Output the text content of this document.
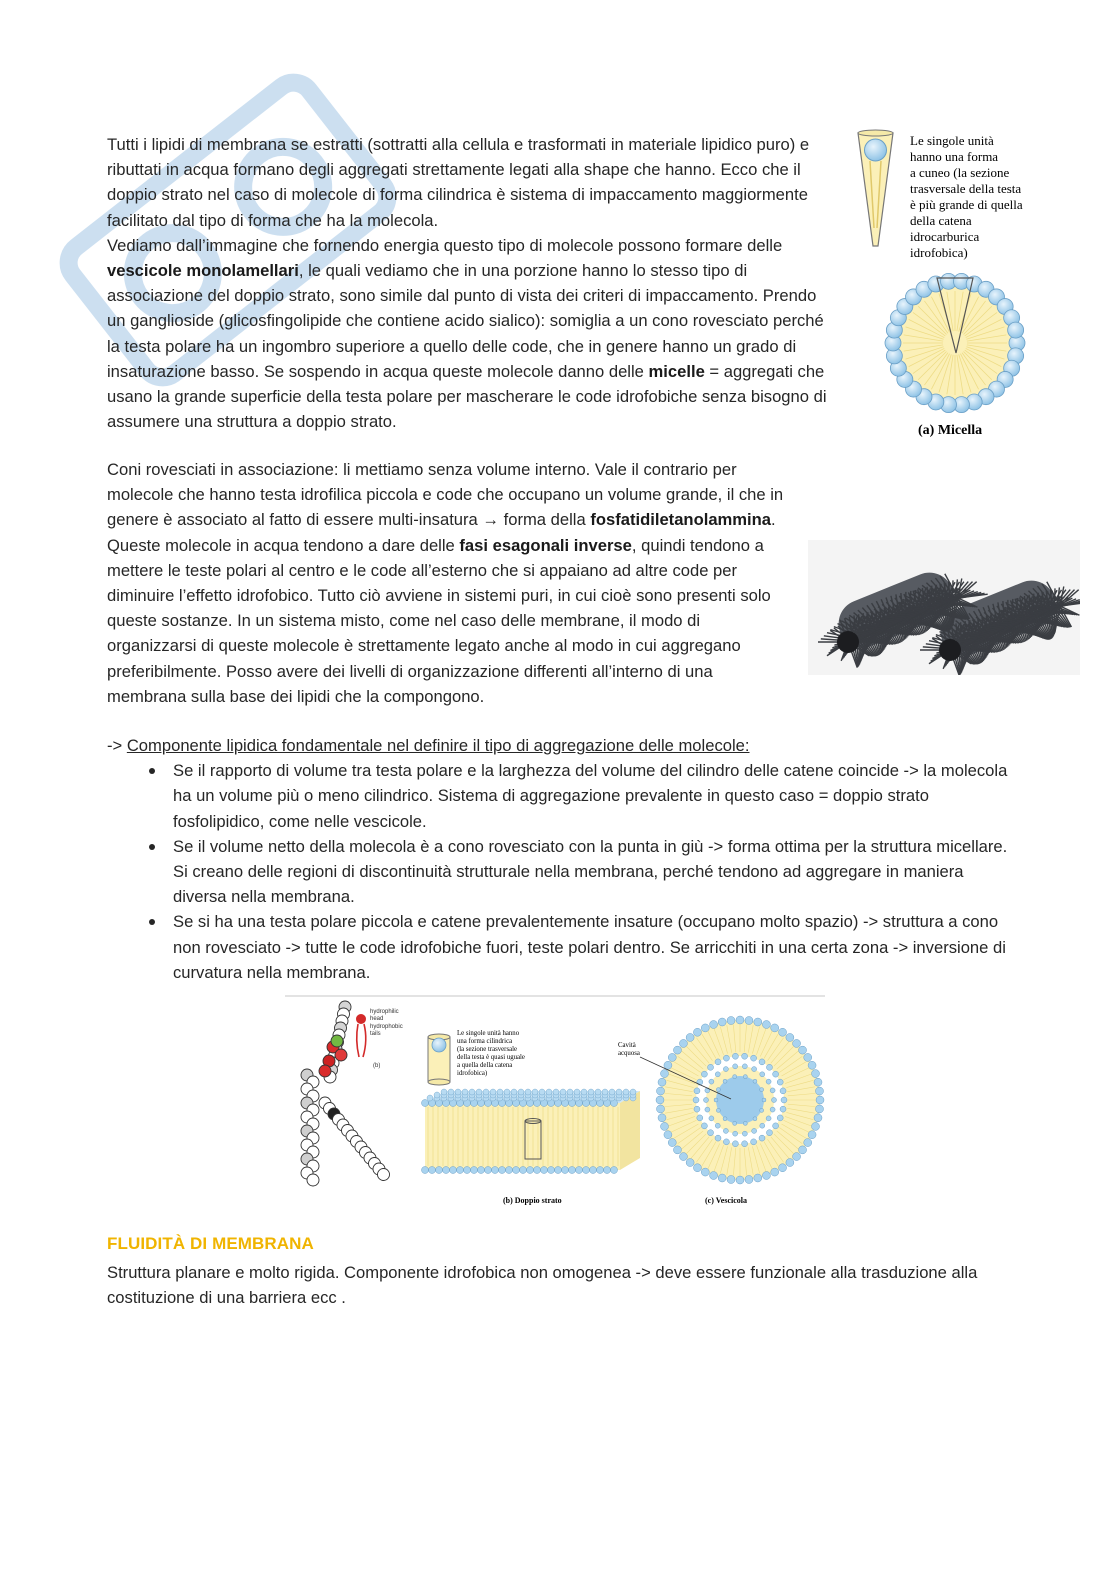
Tutti i lipidi di membrana se estratti (sottratti alla cellula e trasformati in materiale lipidico puro) e ributtati in acqua formano degli aggregati strettamente legati alla shape che hanno. Ecco che il doppio strato nel caso di molecole di forma cilindrica è sistema di impaccamento maggiormente facilitato dal tipo di forma che ha la molecola.

Vediamo dall’immagine che fornendo energia questo tipo di molecole possono formare delle vescicole monolamellari, le quali vediamo che in una porzione hanno lo stesso tipo di associazione del doppio strato, sono simile dal punto di vista dei criteri di impaccamento. Prendo un ganglioside (glicosfingolipide che contiene acido sialico): somiglia a un cono rovesciato perché la testa polare ha un ingombro superiore a quello delle code, che in genere hanno un grado di insaturazione basso. Se sospendo in acqua queste molecole danno delle micelle = aggregati che usano la grande superficie della testa polare per mascherare le code idrofobiche senza bisogno di assumere una struttura a doppio strato.

Coni rovesciati in associazione: li mettiamo senza volume interno. Vale il contrario per molecole che hanno testa idrofilica piccola e code che occupano un volume grande, il che in genere è associato al fatto di essere multi-insatura → forma della fosfatidiletanolammina. Queste molecole in acqua tendono a dare delle fasi esagonali inverse, quindi tendono a mettere le teste polari al centro e le code all’esterno che si appaiano ad altre code per diminuire l’effetto idrofobico. Tutto ciò avviene in sistemi puri, in cui cioè sono presenti solo queste sostanze. In un sistema misto, come nel caso delle membrane, il modo di organizzarsi di queste molecole è strettamente legato anche al modo in cui aggregano preferibilmente. Posso avere dei livelli di organizzazione differenti all’interno di una membrana sulla base dei lipidi che la compongono.

Le singole unità
hanno una forma
a cuneo (la sezione
trasversale della testa
è più grande di quella
della catena
idrocarburica
idrofobica)
(a) Micella

-> Componente lipidica fondamentale nel definire il tipo di aggregazione delle molecole:

Se il rapporto di volume tra testa polare e la larghezza del volume del cilindro delle catene coincide -> la molecola ha un volume più o meno cilindrico. Sistema di aggregazione prevalente in questo caso = doppio strato fosfolipidico, come nelle vescicole.
Se il volume netto della molecola è a cono rovesciato con la punta in giù -> forma ottima per la struttura micellare. Si creano delle regioni di discontinuità strutturale nella membrana, perché tendono ad aggregare in maniera diversa nella membrana.
Se si ha una testa polare piccola e catene prevalentemente insature (occupano molto spazio) -> struttura a cono non rovesciato -> tutte le code idrofobiche fuori, teste polari dentro. Se arricchiti in una certa zona -> inversione di curvatura nella membrana.
hydrophilic
head
hydrophobic
tails
(b)
Le singole unità hanno
una forma cilindrica
(la sezione trasversale
della testa è quasi uguale
a quella della catena
idrofobica)
(b) Doppio strato
Cavità
acquosa
(c) Vescicola
FLUIDITÀ DI MEMBRANA

Struttura planare e molto rigida. Componente idrofobica non omogenea -> deve essere funzionale alla trasduzione alla costituzione di una barriera ecc .
